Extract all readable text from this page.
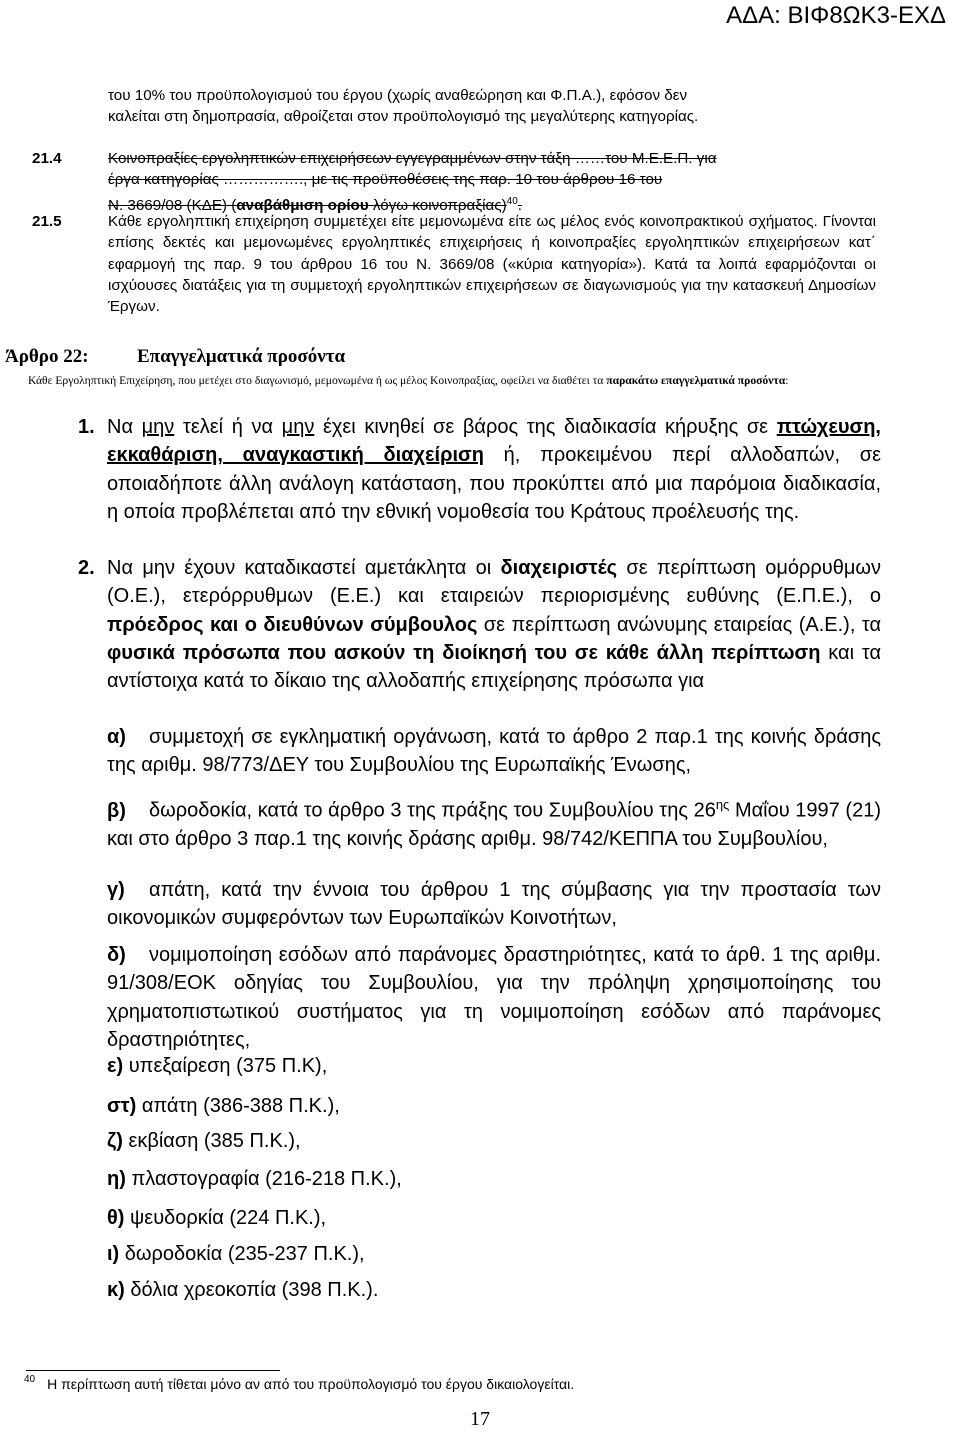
ΑΔΑ: ΒΙΦ8ΩΚ3-ΕΧΔ
του 10% του προϋπολογισμού του έργου (χωρίς αναθεώρηση και Φ.Π.Α.), εφόσον δεν
καλείται στη δημοπρασία, αθροίζεται στον προϋπολογισμό της μεγαλύτερης κατηγορίας.
21.4	Κοινοπραξίες εργοληπτικών επιχειρήσεων εγγεγραμμένων στην τάξη ……του Μ.Ε.Ε.Π. για
έργα κατηγορίας ……………., με τις προϋποθέσεις της παρ. 10 του άρθρου 16 του
Ν. 3669/08 (ΚΔΕ) (αναβάθμιση ορίου λόγω κοινοπραξίας)$^{40}$.
21.5	Κάθε εργοληπτική επιχείρηση συμμετέχει είτε μεμονωμένα είτε ως μέλος ενός κοινοπρακτικού σχήματος. Γίνονται επίσης δεκτές και μεμονωμένες εργοληπτικές επιχειρήσεις ή κοινοπραξίες εργοληπτικών επιχειρήσεων κατ΄ εφαρμογή της παρ. 9 του άρθρου 16 του Ν. 3669/08 («κύρια κατηγορία»). Κατά τα λοιπά εφαρμόζονται οι ισχύουσες διατάξεις για τη συμμετοχή εργοληπτικών επιχειρήσεων σε διαγωνισμούς για την κατασκευή Δημοσίων Έργων.
Άρθρο 22:	Επαγγελματικά προσόντα
Κάθε Εργοληπτική Επιχείρηση, που μετέχει στο διαγωνισμό, μεμονωμένα ή ως μέλος Κοινοπραξίας, οφείλει να διαθέτει τα παρακάτω επαγγελματικά προσόντα:
1. Να μην τελεί ή να μην έχει κινηθεί σε βάρος της διαδικασία κήρυξης σε πτώχευση, εκκαθάριση, αναγκαστική διαχείριση ή, προκειμένου περί αλλοδαπών, σε οποιαδήποτε άλλη ανάλογη κατάσταση, που προκύπτει από μια παρόμοια διαδικασία, η οποία προβλέπεται από την εθνική νομοθεσία του Κράτους προέλευσής της.
2. Να μην έχουν καταδικαστεί αμετάκλητα οι διαχειριστές σε περίπτωση ομόρρυθμων (Ο.Ε.), ετερόρρυθμων (Ε.Ε.) και εταιρειών περιορισμένης ευθύνης (Ε.Π.Ε.), ο πρόεδρος και ο διευθύνων σύμβουλος σε περίπτωση ανώνυμης εταιρείας (Α.Ε.), τα φυσικά πρόσωπα που ασκούν τη διοίκησή του σε κάθε άλλη περίπτωση και τα αντίστοιχα κατά το δίκαιο της αλλοδαπής επιχείρησης πρόσωπα για
α) συμμετοχή σε εγκληματική οργάνωση, κατά το άρθρο 2 παρ.1 της κοινής δράσης της αριθμ. 98/773/ΔΕΥ του Συμβουλίου της Ευρωπαϊκής Ένωσης,
β) δωροδοκία, κατά το άρθρο 3 της πράξης του Συμβουλίου της $26^{\eta\varsigma}$ Μαΐου 1997 (21) και στο άρθρο 3 παρ.1 της κοινής δράσης αριθμ. 98/742/ΚΕΠΠΑ του Συμβουλίου,
γ) απάτη, κατά την έννοια του άρθρου 1 της σύμβασης για την προστασία των οικονομικών συμφερόντων των Ευρωπαϊκών Κοινοτήτων,
δ) νομιμοποίηση εσόδων από παράνομες δραστηριότητες, κατά το άρθ. 1 της αριθμ. 91/308/ΕΟΚ οδηγίας του Συμβουλίου, για την πρόληψη χρησιμοποίησης του χρηματοπιστωτικού συστήματος για τη νομιμοποίηση εσόδων από παράνομες δραστηριότητες,
ε) υπεξαίρεση (375 Π.Κ),
στ) απάτη (386-388 Π.Κ.),
ζ) εκβίαση (385 Π.Κ.),
η) πλαστογραφία (216-218 Π.Κ.),
θ) ψευδορκία (224 Π.Κ.),
ι) δωροδοκία (235-237 Π.Κ.),
κ) δόλια χρεοκοπία (398 Π.Κ.).
$^{40}$ Η περίπτωση αυτή τίθεται μόνο αν από του προϋπολογισμό του έργου δικαιολογείται.
17
